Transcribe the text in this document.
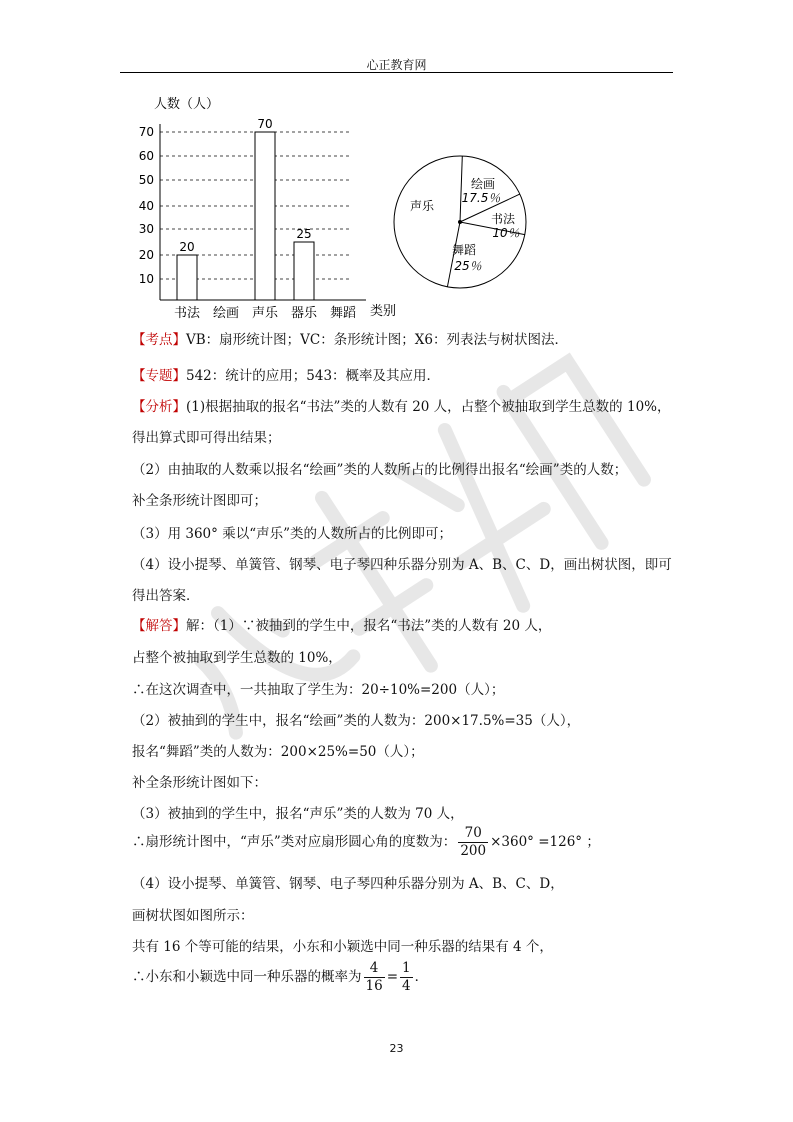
心正教育网
人数（人）
类别
10
20
30
40
50
60
70
书法
20
绘画 声乐
70
器乐
25
舞蹈
声乐
绘画
17.5％
书法
10％
舞蹈
25％
【考点】VB：扇形统计图；VC：条形统计图；X6：列表法与树状图法．
【专题】542：统计的应用；543：概率及其应用．
【分析】(1)根据抽取的报名“书法”类的人数有 20 人，占整个被抽取到学生总数的 10%，
得出算式即可得出结果；
（2）由抽取的人数乘以报名“绘画”类的人数所占的比例得出报名“绘画”类的人数；
补全条形统计图即可；
（3）用 360° 乘以“声乐”类的人数所占的比例即可；
（4）设小提琴、单簧管、钢琴、电子琴四种乐器分别为 A、B、C、D，画出树状图，即可
得出答案．
【解答】解：（1）∵被抽到的学生中，报名“书法”类的人数有 20 人，
占整个被抽取到学生总数的 10%，
∴在这次调查中，一共抽取了学生为：20÷10%=200（人）；
（2）被抽到的学生中，报名“绘画”类的人数为：200×17.5%=35（人），
报名“舞蹈”类的人数为：200×25%=50（人）；
补全条形统计图如下：
（3）被抽到的学生中，报名“声乐”类的人数为 70 人，
∴扇形统计图中，“声乐”类对应扇形圆心角的度数为： $\frac{70}{200} \times 360^\circ =126^\circ$ ；
（4）设小提琴、单簧管、钢琴、电子琴四种乐器分别为 A、B、C、D，
画树状图如图所示：
共有 16 个等可能的结果，小东和小颖选中同一种乐器的结果有 4 个，
∴小东和小颖选中同一种乐器的概率为 $\frac{4}{16} = \frac{1}{4}$ ．
23
